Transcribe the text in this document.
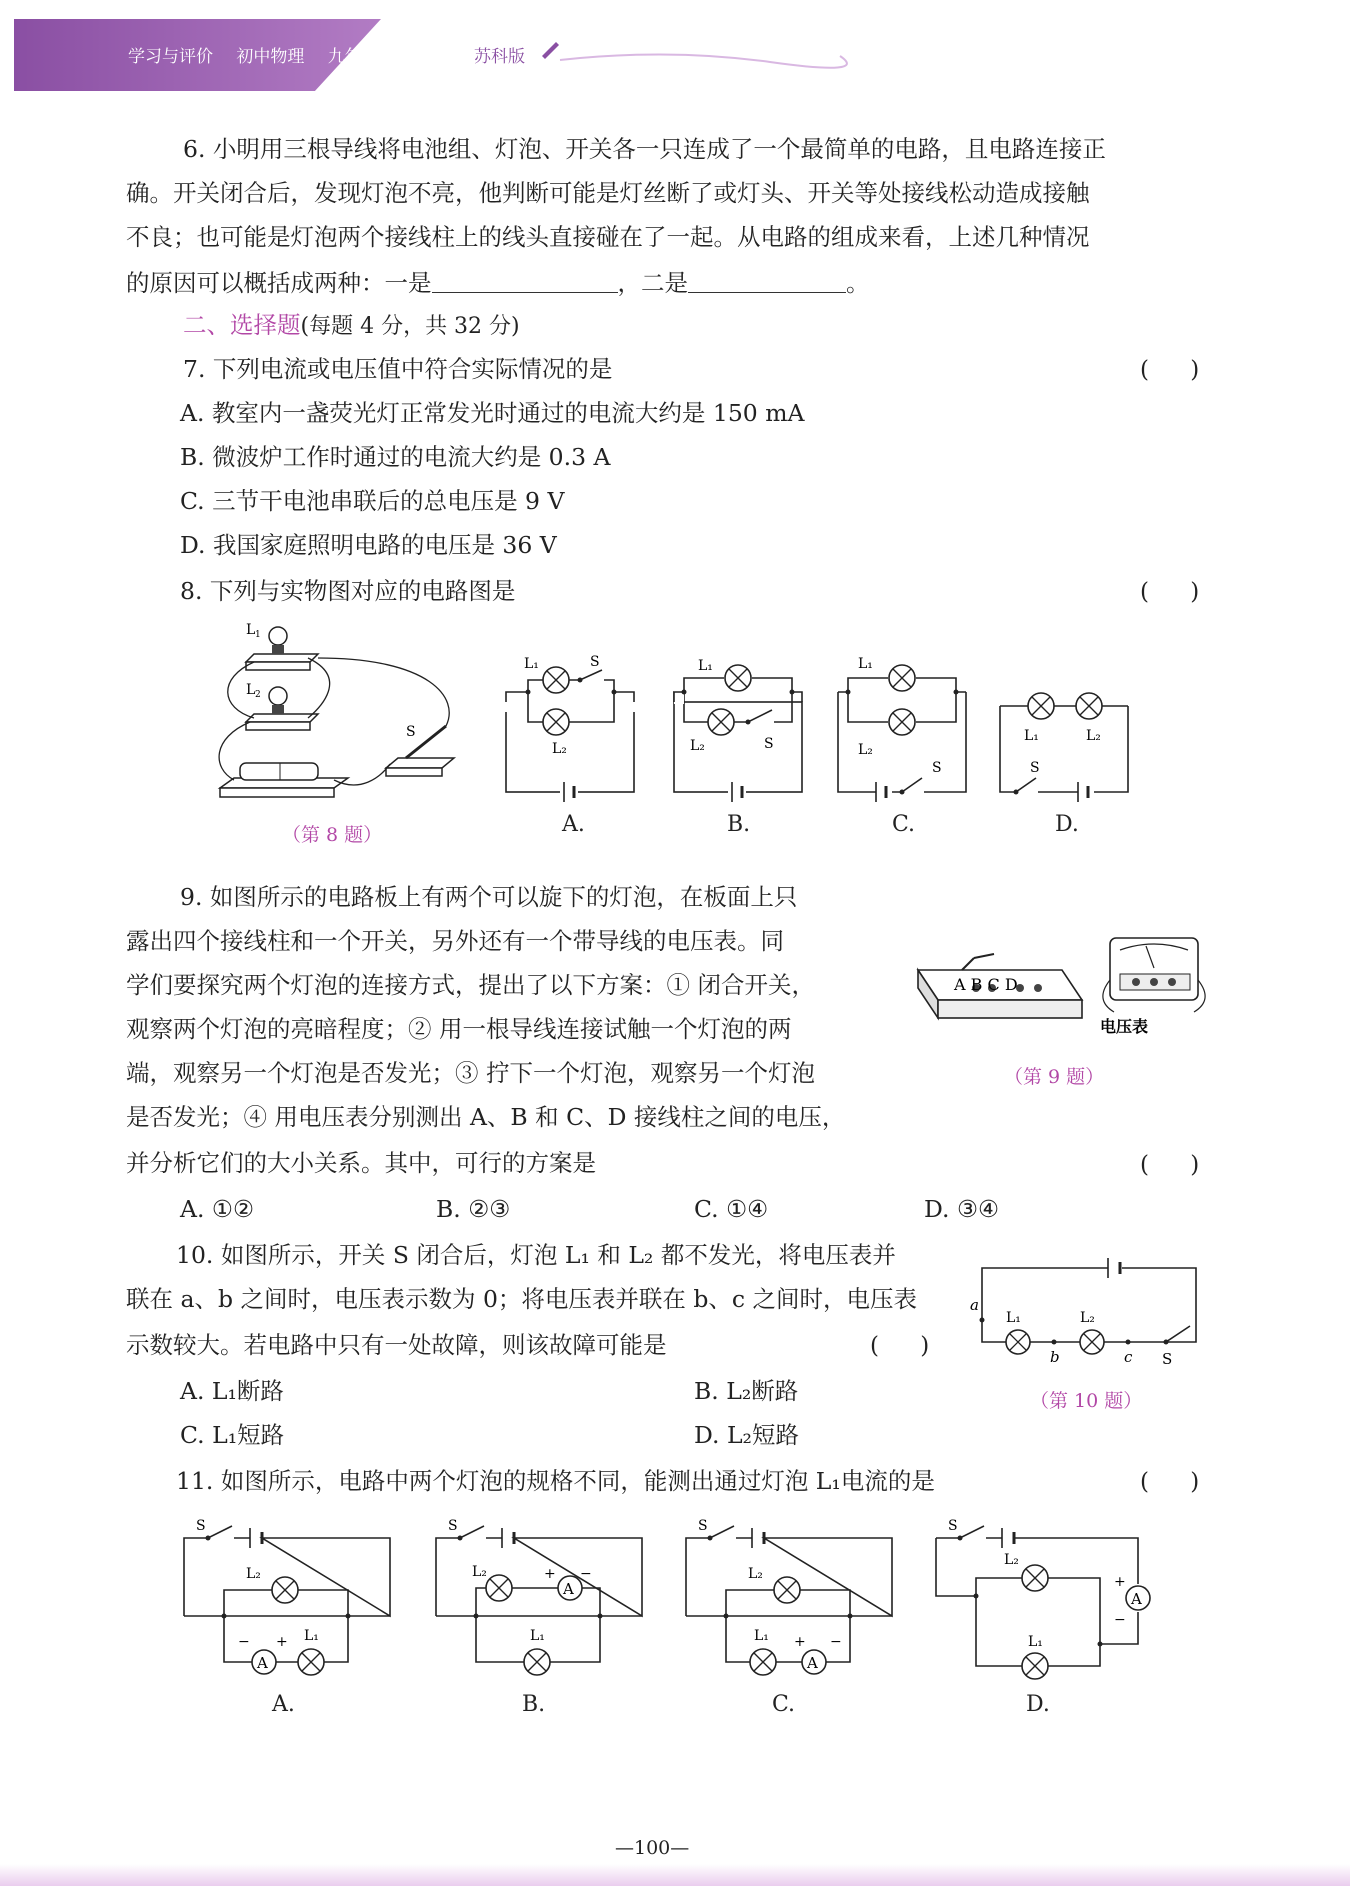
学习与评价 初中物理 九年级上册	苏科版
6. 小明用三根导线将电池组、灯泡、开关各一只连成了一个最简单的电路，且电路连接正
确。开关闭合后，发现灯泡不亮，他判断可能是灯丝断了或灯头、开关等处接线松动造成接触
不良；也可能是灯泡两个接线柱上的线头直接碰在了一起。从电路的组成来看，上述几种情况
的原因可以概括成两种：一是	，二是	。
二、选择题(每题 4 分，共 32 分)
7. 下列电流或电压值中符合实际情况的是	( )
A. 教室内一盏荧光灯正常发光时通过的电流大约是 150 mA
B. 微波炉工作时通过的电流大约是 0.3 A
C. 三节干电池串联后的总电压是 9 V
D. 我国家庭照明电路的电压是 36 V
8. 下列与实物图对应的电路图是	( )
L 1
L 2
S
（第 8 题）
L₁	S
L₂
L₁
L₂	S
L₁
L₂
S
L₁	L₂
S
A.	B.	C.	D.
9. 如图所示的电路板上有两个可以旋下的灯泡，在板面上只
露出四个接线柱和一个开关，另外还有一个带导线的电压表。同
学们要探究两个灯泡的连接方式，提出了以下方案：① 闭合开关，
观察两个灯泡的亮暗程度；② 用一根导线连接试触一个灯泡的两
端，观察另一个灯泡是否发光；③ 拧下一个灯泡，观察另一个灯泡
是否发光；④ 用电压表分别测出 A、B 和 C、D 接线柱之间的电压，
并分析它们的大小关系。其中，可行的方案是	( )
A. ①②	B. ②③	C. ①④	D. ③④
A B C D
电压表
（第 9 题）
10. 如图所示，开关 S 闭合后，灯泡 L₁ 和 L₂ 都不发光，将电压表并
联在 a、b 之间时，电压表示数为 0；将电压表并联在 b、c 之间时，电压表
示数较大。若电路中只有一处故障，则该故障可能是	( )
A. L₁断路	B. L₂断路
C. L₁短路	D. L₂短路
a
b	c S
L₁	L₂
（第 10 题）
11. 如图所示，电路中两个灯泡的规格不同，能测出通过灯泡 L₁电流的是	( )
A
S
L₂
L₁
− +
A
S
L₂
L₁
+ −
A
S
L₂
L₁ + −
A
S
L₂
L₁
+
−
A.	B.	C.	D.
—100—
